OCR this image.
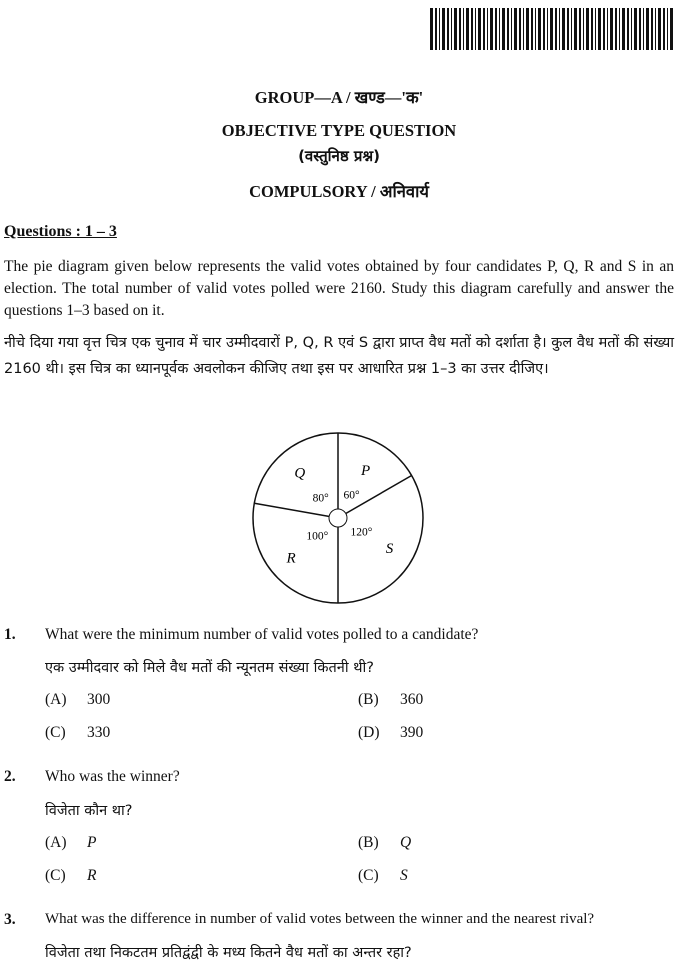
GROUP—A / खण्ड—'क'
OBJECTIVE TYPE QUESTION
(वस्तुनिष्ठ प्रश्न)
COMPULSORY / अनिवार्य
Questions : 1 – 3
The pie diagram given below represents the valid votes obtained by four candidates P, Q, R and S in an election. The total number of valid votes polled were 2160. Study this diagram carefully and answer the questions 1–3 based on it.
नीचे दिया गया वृत्त चित्र एक चुनाव में चार उम्मीदवारों P, Q, R एवं S द्वारा प्राप्त वैध मतों को दर्शाता है। कुल वैध मतों की संख्या 2160 थी। इस चित्र का ध्यानपूर्वक अवलोकन कीजिए तथा इस पर आधारित प्रश्न 1–3 का उत्तर दीजिए।
P
60°
S
120°
R
100°
Q
80°
1. What were the minimum number of valid votes polled to a candidate?
एक उम्मीदवार को मिले वैध मतों की न्यूनतम संख्या कितनी थी?
(A) 300	(B) 360
(C) 330	(D) 390
2. Who was the winner?
विजेता कौन था?
(A) P	(B) Q
(C) R	(C) S
3. What was the difference in number of valid votes between the winner and the nearest rival?
विजेता तथा निकटतम प्रतिद्वंद्वी के मध्य कितने वैध मतों का अन्तर रहा?
